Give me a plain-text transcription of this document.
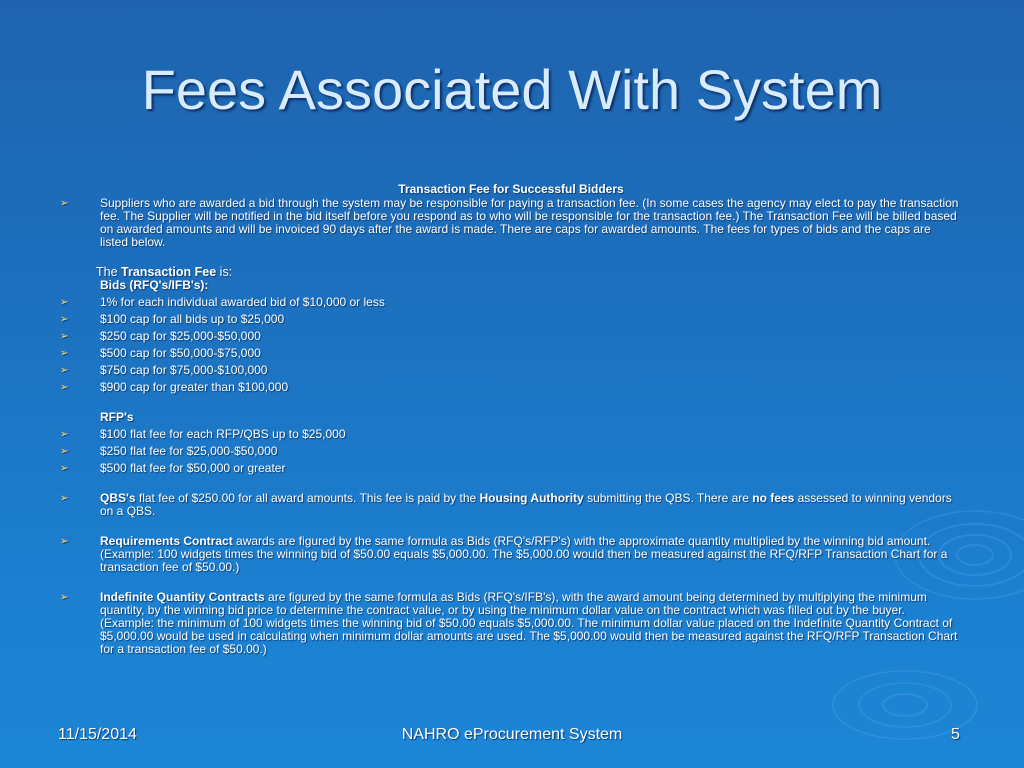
Fees Associated With System
Transaction Fee for Successful Bidders
➢	Suppliers who are awarded a bid through the system may be responsible for paying a transaction fee. (In some cases the agency may elect to pay the transaction fee. The Supplier will be notified in the bid itself before you respond as to who will be responsible for the transaction fee.) The Transaction Fee will be billed based on awarded amounts and will be invoiced 90 days after the award is made. There are caps for awarded amounts. The fees for types of bids and the caps are listed below.
The Transaction Fee is:
Bids (RFQ's/IFB's):
➢	1% for each individual awarded bid of $10,000 or less
➢	$100 cap for all bids up to $25,000
➢	$250 cap for $25,000-$50,000
➢	$500 cap for $50,000-$75,000
➢	$750 cap for $75,000-$100,000
➢	$900 cap for greater than $100,000
RFP's
➢	$100 flat fee for each RFP/QBS up to $25,000
➢	$250 flat fee for $25,000-$50,000
➢	$500 flat fee for $50,000 or greater
➢	QBS's flat fee of $250.00 for all award amounts. This fee is paid by the Housing Authority submitting the QBS. There are no fees assessed to winning vendors on a QBS.
➢	Requirements Contract awards are figured by the same formula as Bids (RFQ's/RFP's) with the approximate quantity multiplied by the winning bid amount. (Example: 100 widgets times the winning bid of $50.00 equals $5,000.00. The $5,000.00 would then be measured against the RFQ/RFP Transaction Chart for a transaction fee of $50.00.)
➢	Indefinite Quantity Contracts are figured by the same formula as Bids (RFQ's/IFB's), with the award amount being determined by multiplying the minimum quantity, by the winning bid price to determine the contract value, or by using the minimum dollar value on the contract which was filled out by the buyer. (Example: the minimum of 100 widgets times the winning bid of $50.00 equals $5,000.00. The minimum dollar value placed on the Indefinite Quantity Contract of $5,000.00 would be used in calculating when minimum dollar amounts are used. The $5,000.00 would then be measured against the RFQ/RFP Transaction Chart for a transaction fee of $50.00.)
11/15/2014	NAHRO eProcurement System	5
